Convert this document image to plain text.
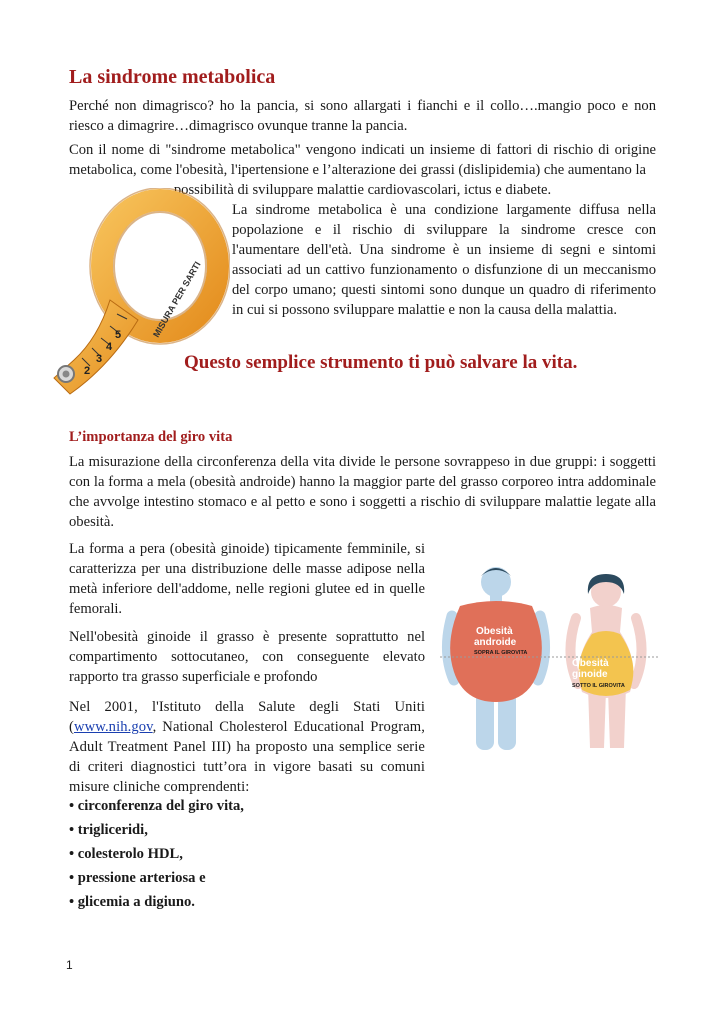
La sindrome metabolica
Perché non dimagrisco? ho la pancia, si sono allargati i fianchi e il collo….mangio poco e non riesco a dimagrire…dimagrisco ovunque tranne la pancia.
Con il nome di "sindrome metabolica" vengono indicati un insieme di fattori di rischio di origine metabolica, come l'obesità, l'ipertensione e l’alterazione dei grassi (dislipidemia) che aumentano la
possibilità di sviluppare malattie cardiovascolari, ictus e diabete.
2
3
4
5	MISURA PER SARTI
La sindrome metabolica è una condizione largamente diffusa nella popolazione e il rischio di sviluppare la sindrome cresce con l'aumentare dell'età. Una sindrome è un insieme di segni e sintomi associati ad un cattivo funzionamento o disfunzione di un meccanismo del corpo umano; questi sintomi sono dunque un quadro di riferimento in cui si possono sviluppare malattie e non la causa della malattia.
Questo semplice strumento ti può salvare la vita.
L’importanza del giro vita
La misurazione della circonferenza della vita divide le persone sovrappeso in due gruppi: i soggetti con la forma a mela (obesità androide) hanno la maggior parte del grasso corporeo intra addominale che avvolge intestino stomaco e al petto e sono i soggetti a rischio di sviluppare malattie legate alla obesità.
La forma a pera (obesità ginoide) tipicamente femminile, si caratterizza per una distribuzione delle masse adipose nella metà inferiore dell'addome, nelle regioni glutee ed in quelle femorali.
Nell'obesità ginoide il grasso è presente soprattutto nel compartimento sottocutaneo, con conseguente elevato rapporto tra grasso superficiale e profondo
Nel 2001, l'Istituto della Salute degli Stati Uniti (www.nih.gov, National Cholesterol Educational Program, Adult Treatment Panel III) ha proposto una semplice serie di criteri diagnostici tutt’ora in vigore basati su comuni misure cliniche comprendenti:
• circonferenza del giro vita,
• trigliceridi,
• colesterolo HDL,
• pressione arteriosa e
• glicemia a digiuno.
Obesità
androide
SOPRA IL GIROVITA
Obesità
ginoide
SOTTO IL GIROVITA
1
